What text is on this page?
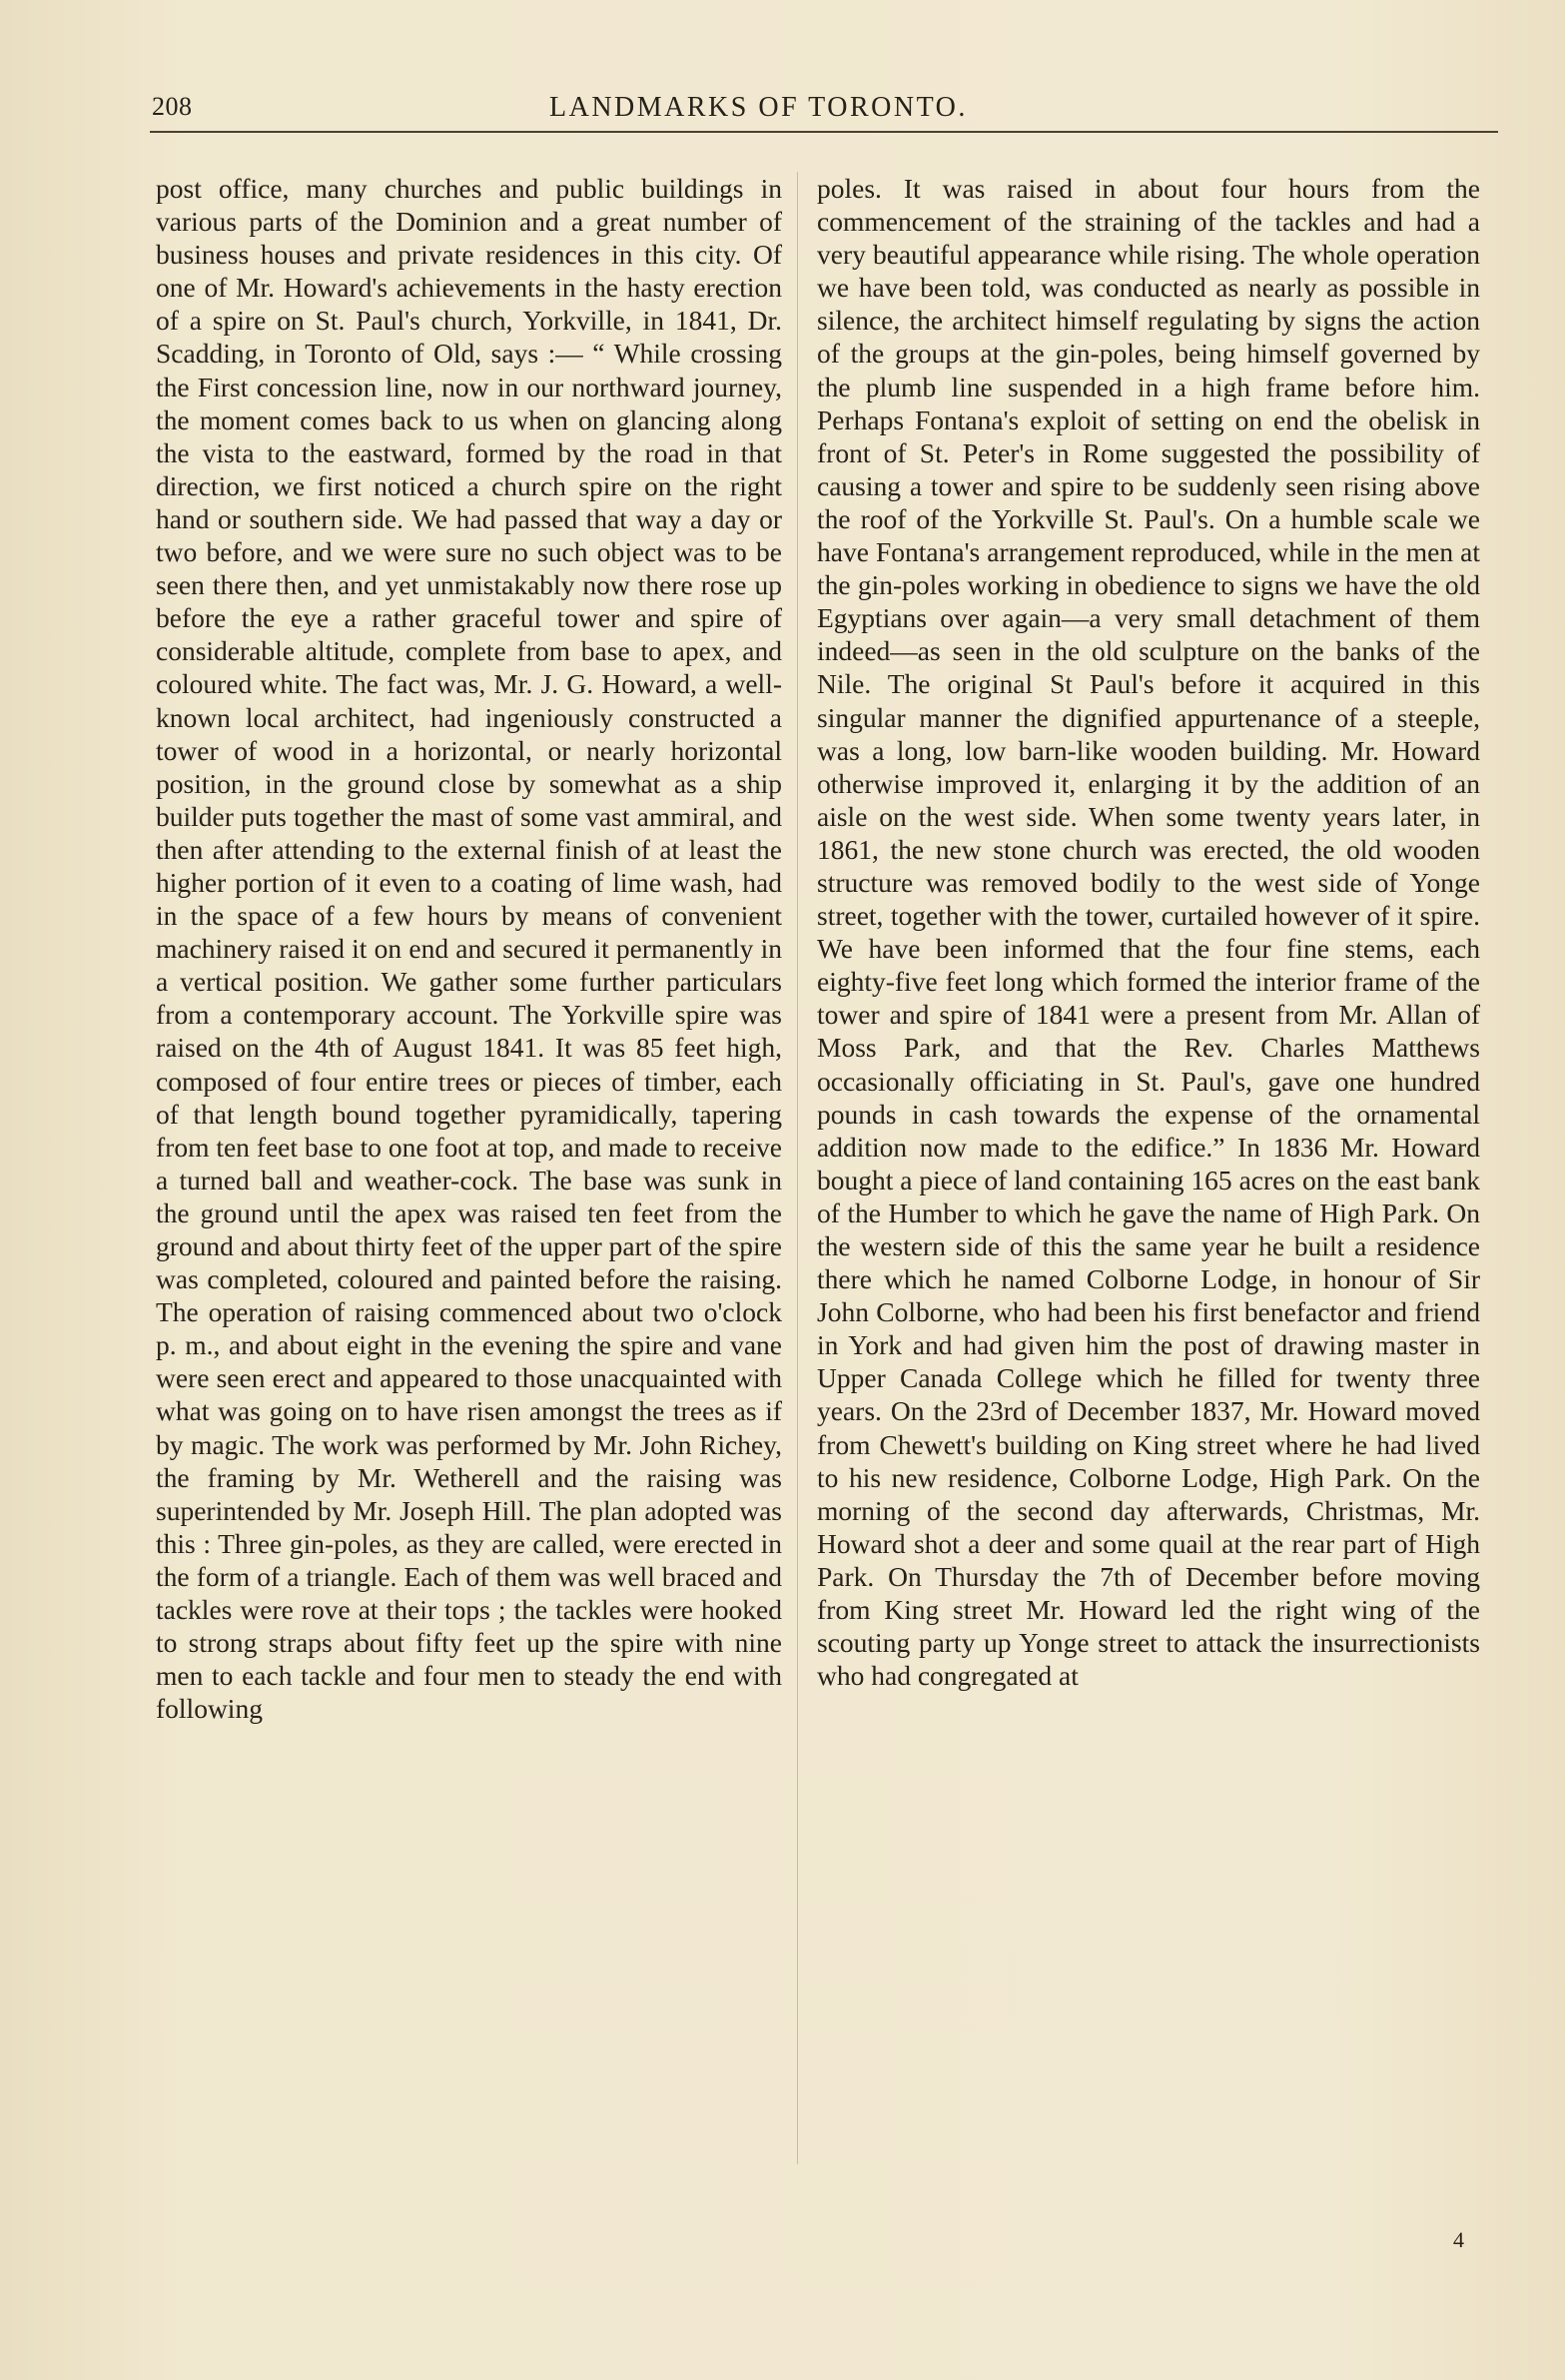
208	LANDMARKS OF TORONTO.

post office, many churches and public buildings in various parts of the Dominion and a great number of business houses and private residences in this city. Of one of Mr. Howard's achievements in the hasty erection of a spire on St. Paul's church, Yorkville, in 1841, Dr. Scadding, in Toronto of Old, says :— “ While crossing the First concession line, now in our northward journey, the moment comes back to us when on glancing along the vista to the eastward, formed by the road in that direction, we first noticed a church spire on the right hand or southern side. We had passed that way a day or two before, and we were sure no such object was to be seen there then, and yet unmistakably now there rose up before the eye a rather graceful tower and spire of considerable altitude, complete from base to apex, and coloured white. The fact was, Mr. J. G. Howard, a well-known local architect, had ingeniously constructed a tower of wood in a horizontal, or nearly horizontal position, in the ground close by somewhat as a ship builder puts together the mast of some vast ammiral, and then after attending to the external finish of at least the higher portion of it even to a coating of lime wash, had in the space of a few hours by means of convenient machinery raised it on end and secured it permanently in a vertical position. We gather some further particulars from a contemporary account. The Yorkville spire was raised on the 4th of August 1841. It was 85 feet high, composed of four entire trees or pieces of timber, each of that length bound together pyramidically, tapering from ten feet base to one foot at top, and made to receive a turned ball and weather-cock. The base was sunk in the ground until the apex was raised ten feet from the ground and about thirty feet of the upper part of the spire was completed, coloured and painted before the raising. The operation of raising commenced about two o'clock p. m., and about eight in the evening the spire and vane were seen erect and appeared to those unacquainted with what was going on to have risen amongst the trees as if by magic. The work was performed by Mr. John Richey, the framing by Mr. Wetherell and the raising was superintended by Mr. Joseph Hill. The plan adopted was this : Three gin-poles, as they are called, were erected in the form of a triangle. Each of them was well braced and tackles were rove at their tops ; the tackles were hooked to strong straps about fifty feet up the spire with nine men to each tackle and four men to steady the end with following

poles. It was raised in about four hours from the commencement of the straining of the tackles and had a very beautiful appearance while rising. The whole operation we have been told, was conducted as nearly as possible in silence, the architect himself regulating by signs the action of the groups at the gin-poles, being himself governed by the plumb line suspended in a high frame before him. Perhaps Fontana's exploit of setting on end the obelisk in front of St. Peter's in Rome suggested the possibility of causing a tower and spire to be suddenly seen rising above the roof of the Yorkville St. Paul's. On a humble scale we have Fontana's arrangement reproduced, while in the men at the gin-poles working in obedience to signs we have the old Egyptians over again—a very small detachment of them indeed—as seen in the old sculpture on the banks of the Nile. The original St Paul's before it acquired in this singular manner the dignified appurtenance of a steeple, was a long, low barn-like wooden building. Mr. Howard otherwise improved it, enlarging it by the addition of an aisle on the west side. When some twenty years later, in 1861, the new stone church was erected, the old wooden structure was removed bodily to the west side of Yonge street, together with the tower, curtailed however of it spire. We have been informed that the four fine stems, each eighty-five feet long which formed the interior frame of the tower and spire of 1841 were a present from Mr. Allan of Moss Park, and that the Rev. Charles Matthews occasionally officiating in St. Paul's, gave one hundred pounds in cash towards the expense of the ornamental addition now made to the edifice.” In 1836 Mr. Howard bought a piece of land containing 165 acres on the east bank of the Humber to which he gave the name of High Park. On the western side of this the same year he built a residence there which he named Colborne Lodge, in honour of Sir John Colborne, who had been his first benefactor and friend in York and had given him the post of drawing master in Upper Canada College which he filled for twenty three years. On the 23rd of December 1837, Mr. Howard moved from Chewett's building on King street where he had lived to his new residence, Colborne Lodge, High Park. On the morning of the second day afterwards, Christmas, Mr. Howard shot a deer and some quail at the rear part of High Park. On Thursday the 7th of December before moving from King street Mr. Howard led the right wing of the scouting party up Yonge street to attack the insurrectionists who had congregated at

4
